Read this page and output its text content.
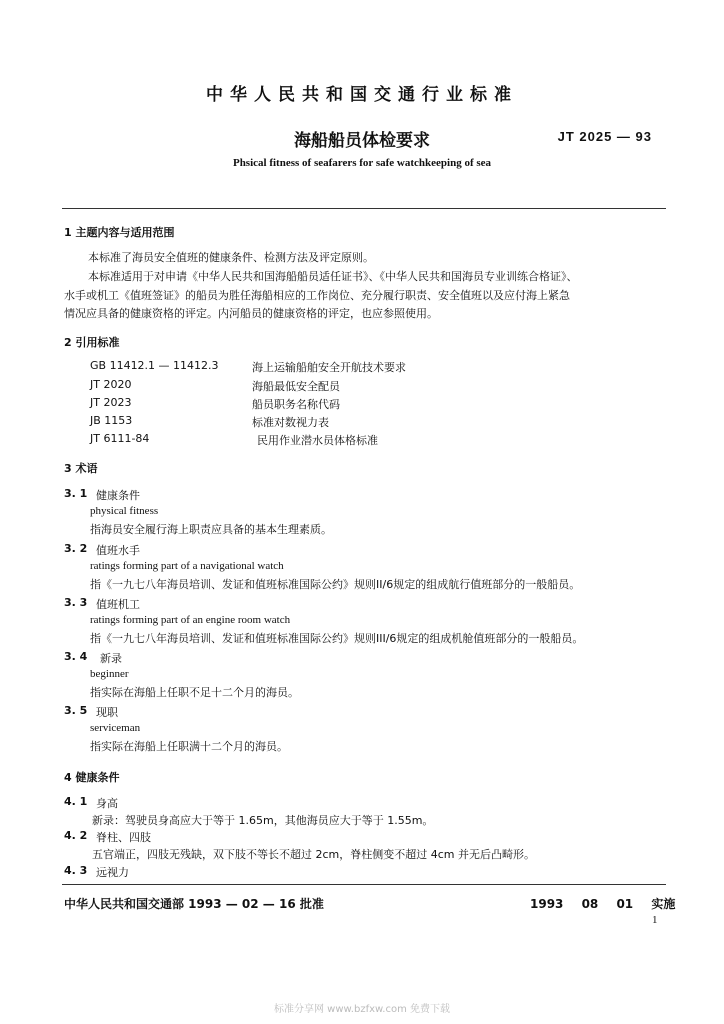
中华人民共和国交通行业标准
海船船员体检要求	JT 2025 — 93
Phsical fitness of seafarers for safe watchkeeping of sea
1 主题内容与适用范围
本标准了海员安全值班的健康条件、检测方法及评定原则。
本标准适用于对申请《中华人民共和国海船船员适任证书》、《中华人民共和国海员专业训练合格证》、
水手或机工《值班签证》的船员为胜任海船相应的工作岗位、充分履行职责、安全值班以及应付海上紧急
情况应具备的健康资格的评定。内河船员的健康资格的评定，也应参照使用。
2 引用标准
GB 11412.1 — 11412.3	海上运输船舶安全开航技术要求
JT 2020	海船最低安全配员
JT 2023	船员职务名称代码
JB 1153	标准对数视力表
JT 6111-84	民用作业潜水员体格标准
3 术语
3. 1 健康条件
physical fitness
指海员安全履行海上职责应具备的基本生理素质。
3. 2 值班水手
ratings forming part of a navigational watch
指《一九七八年海员培训、发证和值班标准国际公约》规则II/6规定的组成航行值班部分的一般船员。
3. 3 值班机工
ratings forming part of an engine room watch
指《一九七八年海员培训、发证和值班标准国际公约》规则III/6规定的组成机舱值班部分的一般船员。
3. 4 新录
beginner
指实际在海船上任职不足十二个月的海员。
3. 5 现职
serviceman
指实际在海船上任职满十二个月的海员。
4 健康条件
4. 1 身高
新录：驾驶员身高应大于等于 1.65m，其他海员应大于等于 1.55m。
4. 2 脊柱、四肢
五官端正，四肢无残缺，双下肢不等长不超过 2cm，脊柱侧变不超过 4cm 并无后凸畸形。
4. 3 远视力
中华人民共和国交通部 1993 — 02 — 16 批准	1993 08 01 实施
1
标准分享网 www.bzfxw.com 免费下载
